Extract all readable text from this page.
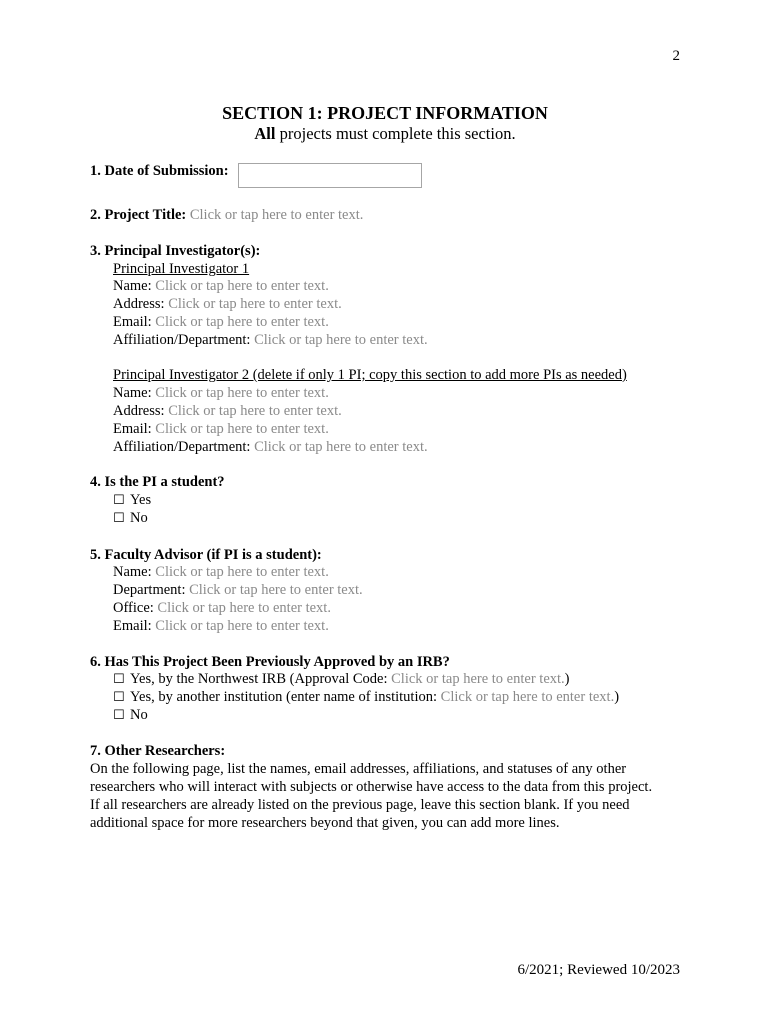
2
SECTION 1: PROJECT INFORMATION
All projects must complete this section.
1. Date of Submission:
2. Project Title: Click or tap here to enter text.
3. Principal Investigator(s):
Principal Investigator 1
Name: Click or tap here to enter text.
Address: Click or tap here to enter text.
Email: Click or tap here to enter text.
Affiliation/Department: Click or tap here to enter text.
Principal Investigator 2 (delete if only 1 PI; copy this section to add more PIs as needed)
Name: Click or tap here to enter text.
Address: Click or tap here to enter text.
Email: Click or tap here to enter text.
Affiliation/Department: Click or tap here to enter text.
4. Is the PI a student?
☐ Yes
☐ No
5. Faculty Advisor (if PI is a student):
Name: Click or tap here to enter text.
Department: Click or tap here to enter text.
Office: Click or tap here to enter text.
Email: Click or tap here to enter text.
6. Has This Project Been Previously Approved by an IRB?
☐ Yes, by the Northwest IRB (Approval Code: Click or tap here to enter text.)
☐ Yes, by another institution (enter name of institution: Click or tap here to enter text.)
☐ No
7. Other Researchers:
On the following page, list the names, email addresses, affiliations, and statuses of any other
researchers who will interact with subjects or otherwise have access to the data from this project.
If all researchers are already listed on the previous page, leave this section blank. If you need
additional space for more researchers beyond that given, you can add more lines.
6/2021; Reviewed 10/2023
